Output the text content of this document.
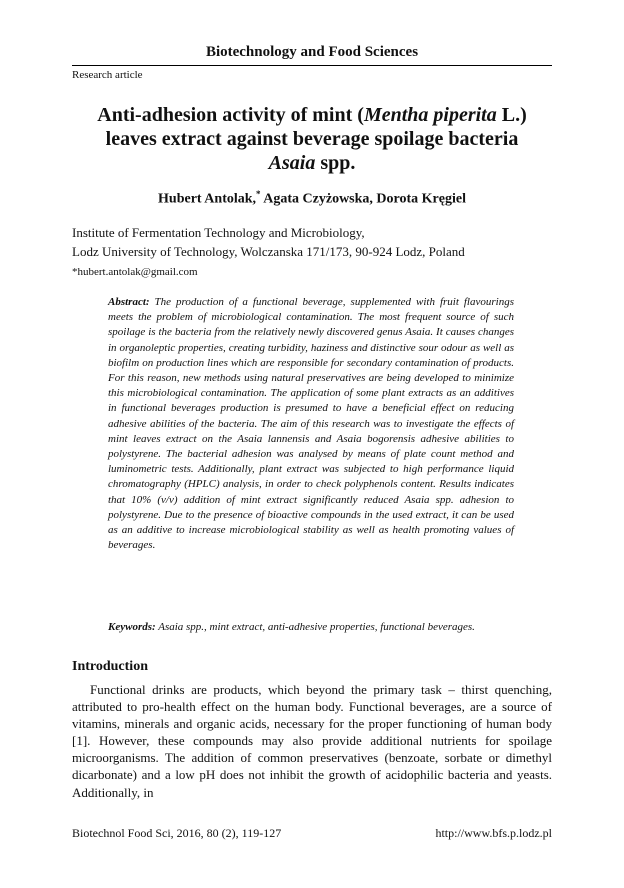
Biotechnology and Food Sciences
Research article
Anti-adhesion activity of mint (Mentha piperita L.)
leaves extract against beverage spoilage bacteria
Asaia spp.
Hubert Antolak,* Agata Czyżowska, Dorota Kręgiel
Institute of Fermentation Technology and Microbiology,
Lodz University of Technology, Wolczanska 171/173, 90-924 Lodz, Poland
*hubert.antolak@gmail.com
Abstract: The production of a functional beverage, supplemented with fruit flavourings meets the problem of microbiological contamination. The most frequent source of such spoilage is the bacteria from the relatively newly discovered genus Asaia. It causes changes in organoleptic properties, creating turbidity, haziness and distinctive sour odour as well as biofilm on production lines which are responsible for secondary contamination of products. For this reason, new methods using natural preservatives are being developed to minimize this microbiological contamination. The application of some plant extracts as an additives in functional beverages production is presumed to have a beneficial effect on reducing adhesive abilities of the bacteria. The aim of this research was to investigate the effects of mint leaves extract on the Asaia lannensis and Asaia bogorensis adhesive abilities to polystyrene. The bacterial adhesion was analysed by means of plate count method and luminometric tests. Additionally, plant extract was subjected to high performance liquid chromatography (HPLC) analysis, in order to check polyphenols content. Results indicates that 10% (v/v) addition of mint extract significantly reduced Asaia spp. adhesion to polystyrene. Due to the presence of bioactive compounds in the used extract, it can be used as an additive to increase microbiological stability as well as health promoting values of beverages.
Keywords: Asaia spp., mint extract, anti-adhesive properties, functional beverages.
Introduction
Functional drinks are products, which beyond the primary task – thirst quenching, attributed to pro-health effect on the human body. Functional beverages, are a source of vitamins, minerals and organic acids, necessary for the proper functioning of human body [1]. However, these compounds may also provide additional nutrients for spoilage microorganisms. The addition of common preservatives (benzoate, sorbate or dimethyl dicarbonate) and a low pH does not inhibit the growth of acidophilic bacteria and yeasts. Additionally, in
Biotechnol Food Sci, 2016, 80 (2), 119-127	http://www.bfs.p.lodz.pl
